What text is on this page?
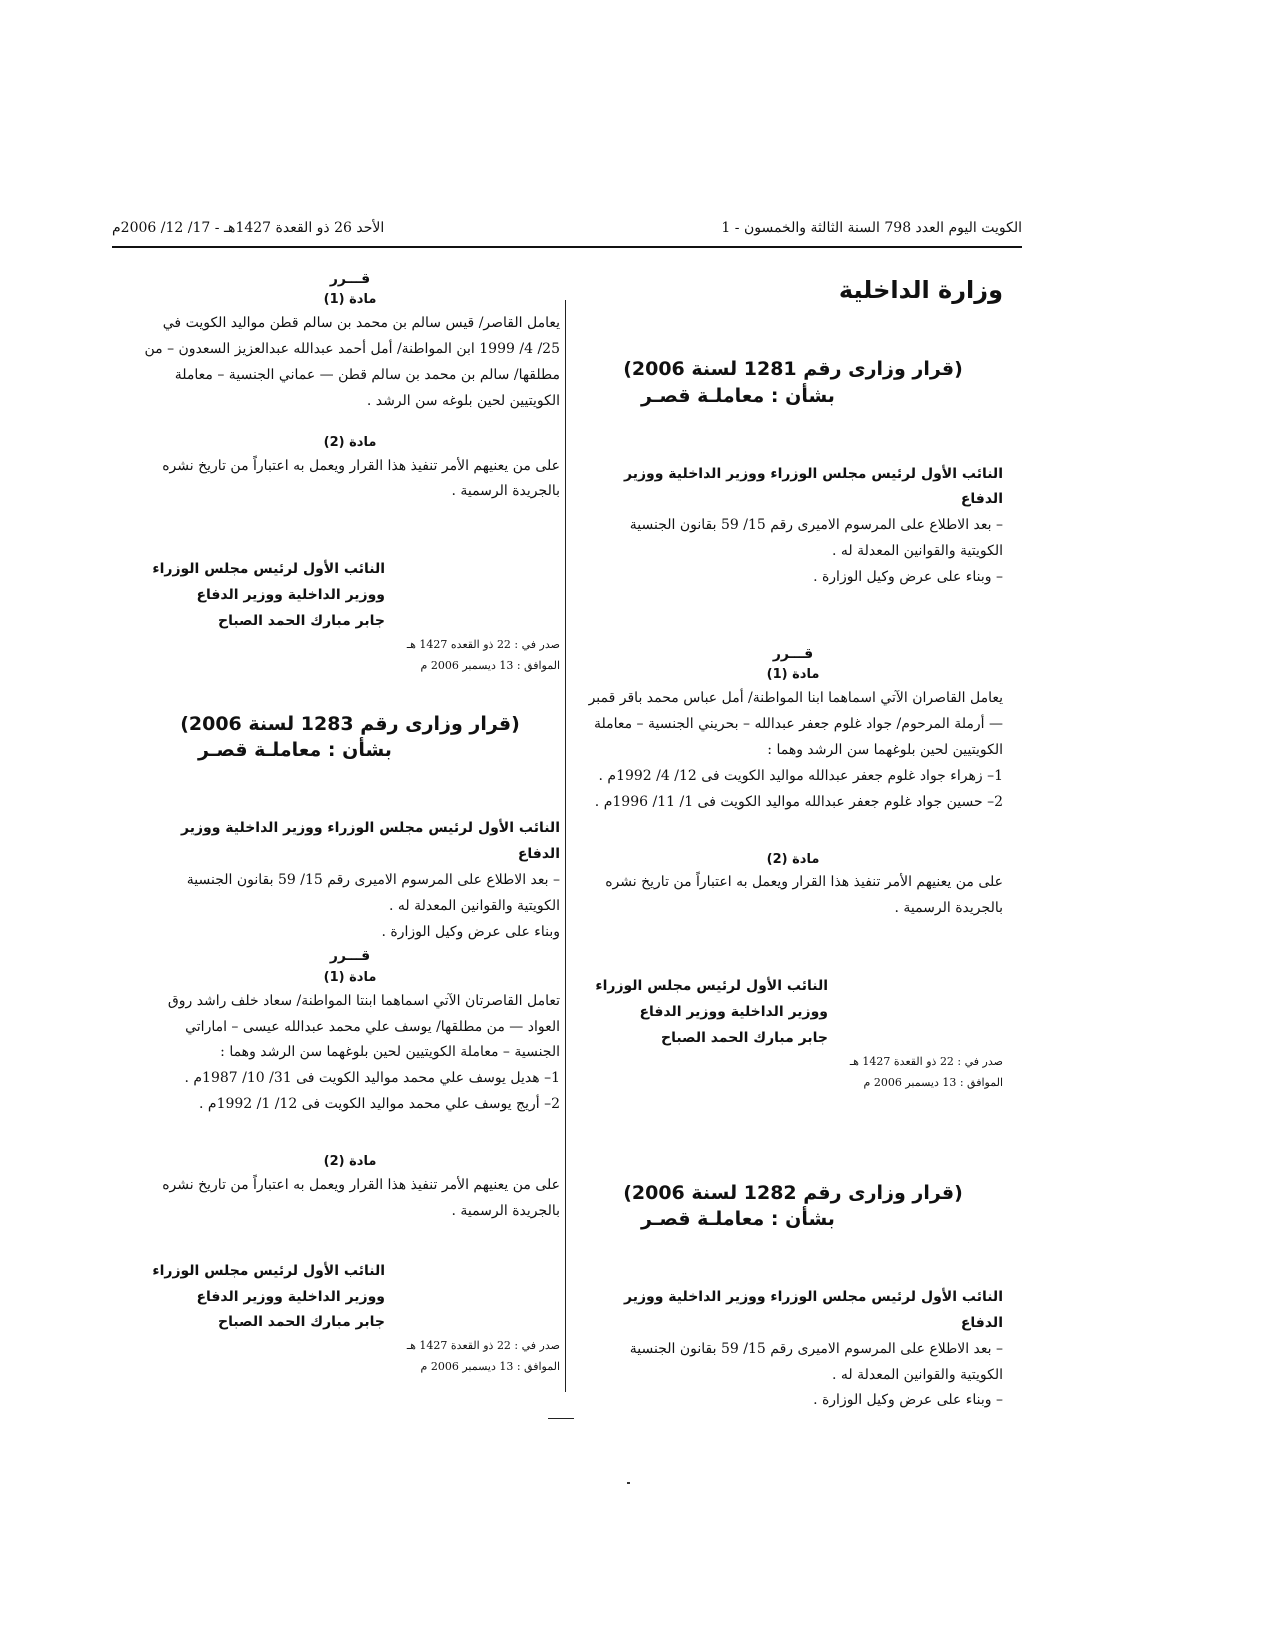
الكويت اليوم العدد 798 السنة الثالثة والخمسون - 1
الأحد 26 ذو القعدة 1427هـ - 17/ 12/ 2006م

وزارة الداخلية

(قرار وزارى رقم 1281 لسنة 2006)

بشأن : معاملـة قصـر

النائب الأول لرئيس مجلس الوزراء ووزير الداخلية ووزير الدفاع

– بعد الاطلاع على المرسوم الاميرى رقم 15/ 59 بقانون الجنسية الكويتية والقوانين المعدلة له .

– وبناء على عرض وكيل الوزارة .

قـــرر

مادة (1)

يعامل القاصران الآتي اسماهما ابنا المواطنة/ أمل عباس محمد باقر قمبر — أرملة المرحوم/ جواد غلوم جعفر عبدالله – بحريني الجنسية – معاملة الكويتيين لحين بلوغهما سن الرشد وهما :

1– زهراء جواد غلوم جعفر عبدالله مواليد الكويت فى 12/ 4/ 1992م .

2– حسين جواد غلوم جعفر عبدالله مواليد الكويت فى 1/ 11/ 1996م .

مادة (2)

على من يعنيهم الأمر تنفيذ هذا القرار ويعمل به اعتباراً من تاريخ نشره بالجريدة الرسمية .

النائب الأول لرئيس مجلس الوزراء

ووزير الداخلية ووزير الدفاع

جابر مبارك الحمد الصباح

صدر في : 22 ذو القعدة 1427 هـ

الموافق : 13 ديسمبر 2006 م

(قرار وزارى رقم 1282 لسنة 2006)

بشأن : معاملـة قصـر

النائب الأول لرئيس مجلس الوزراء ووزير الداخلية ووزير الدفاع

– بعد الاطلاع على المرسوم الاميرى رقم 15/ 59 بقانون الجنسية الكويتية والقوانين المعدلة له .

– وبناء على عرض وكيل الوزارة .

قـــرر

مادة (1)

يعامل القاصر/ قيس سالم بن محمد بن سالم قطن مواليد الكويت في 25/ 4/ 1999 ابن المواطنة/ أمل أحمد عبدالله عبدالعزيز السعدون – من مطلقها/ سالم بن محمد بن سالم قطن — عماني الجنسية – معاملة الكويتيين لحين بلوغه سن الرشد .

مادة (2)

على من يعنيهم الأمر تنفيذ هذا القرار ويعمل به اعتباراً من تاريخ نشره بالجريدة الرسمية .

النائب الأول لرئيس مجلس الوزراء

ووزير الداخلية ووزير الدفاع

جابر مبارك الحمد الصباح

صدر في : 22 ذو القعده 1427 هـ

الموافق : 13 ديسمبر 2006 م

(قرار وزارى رقم 1283 لسنة 2006)

بشأن : معاملـة قصـر

النائب الأول لرئيس مجلس الوزراء ووزير الداخلية ووزير الدفاع

– بعد الاطلاع على المرسوم الاميرى رقم 15/ 59 بقانون الجنسية الكويتية والقوانين المعدلة له .

وبناء على عرض وكيل الوزارة .

قـــرر

مادة (1)

تعامل القاصرتان الآتي اسماهما ابنتا المواطنة/ سعاد خلف راشد روق العواد — من مطلقها/ يوسف علي محمد عبدالله عيسى – اماراتي الجنسية – معاملة الكويتيين لحين بلوغهما سن الرشد وهما :

1– هديل يوسف علي محمد مواليد الكويت فى 31/ 10/ 1987م .

2– أريج يوسف علي محمد مواليد الكويت فى 12/ 1/ 1992م .

مادة (2)

على من يعنيهم الأمر تنفيذ هذا القرار ويعمل به اعتباراً من تاريخ نشره بالجريدة الرسمية .

النائب الأول لرئيس مجلس الوزراء

ووزير الداخلية ووزير الدفاع

جابر مبارك الحمد الصباح

صدر في : 22 ذو القعدة 1427 هـ

الموافق : 13 ديسمبر 2006 م
